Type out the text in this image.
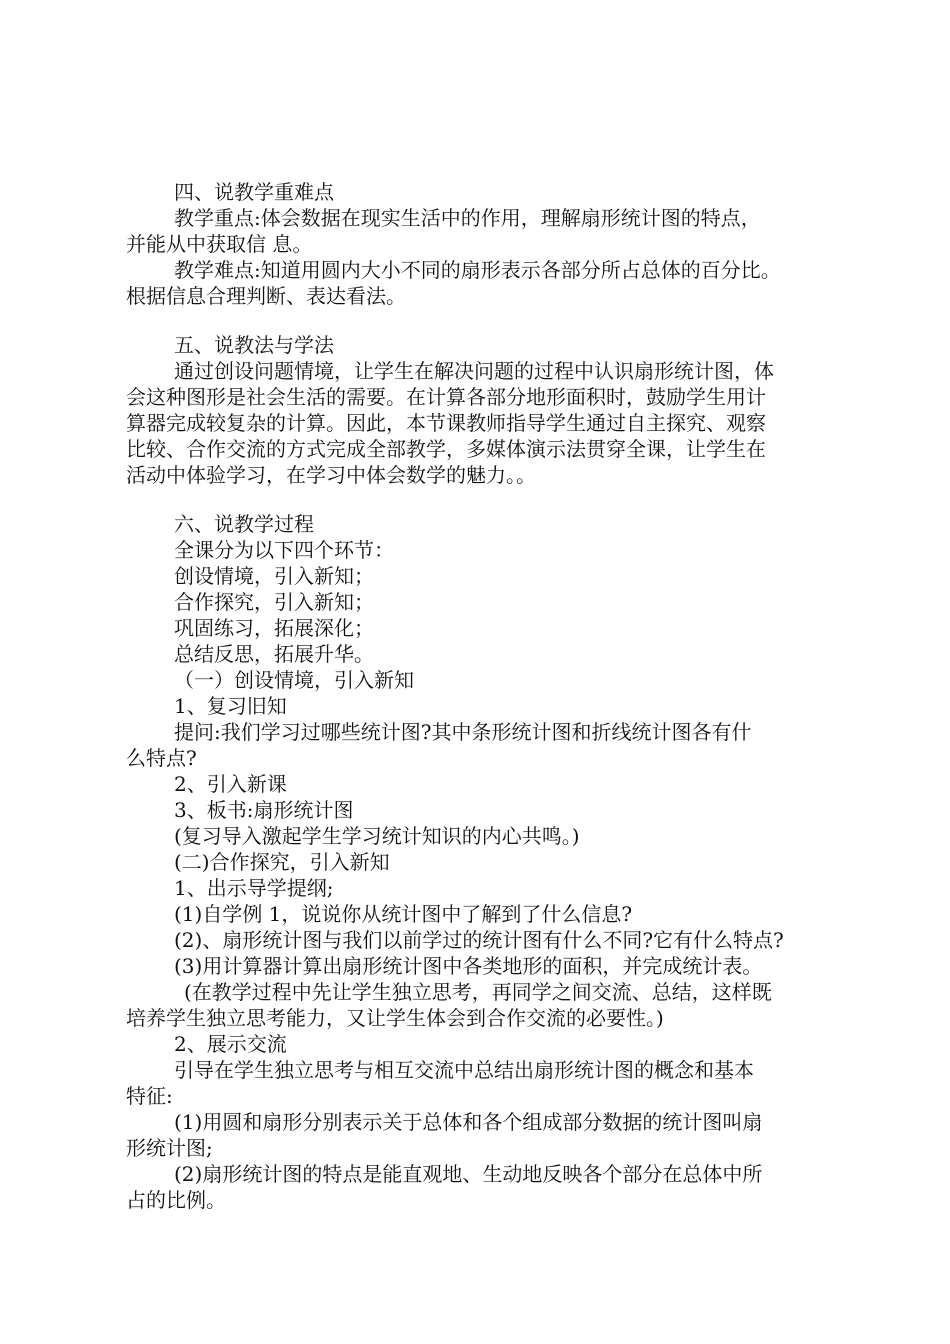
四、说教学重难点
教学重点:体会数据在现实生活中的作用，理解扇形统计图的特点，
并能从中获取信 息。
教学难点:知道用圆内大小不同的扇形表示各部分所占总体的百分比。
根据信息合理判断、表达看法。
五、说教法与学法
通过创设问题情境，让学生在解决问题的过程中认识扇形统计图，体
会这种图形是社会生活的需要。在计算各部分地形面积时，鼓励学生用计
算器完成较复杂的计算。因此，本节课教师指导学生通过自主探究、观察
比较、合作交流的方式完成全部教学，多媒体演示法贯穿全课，让学生在
活动中体验学习，在学习中体会数学的魅力。。
六、说教学过程
全课分为以下四个环节：
创设情境，引入新知；
合作探究，引入新知；
巩固练习，拓展深化；
总结反思，拓展升华。
（一）创设情境，引入新知
1、复习旧知
提问:我们学习过哪些统计图?其中条形统计图和折线统计图各有什
么特点?
2、引入新课
3、板书:扇形统计图
(复习导入激起学生学习统计知识的内心共鸣。)
(二)合作探究，引入新知
1、出示导学提纲;
(1)自学例 1，说说你从统计图中了解到了什么信息?
(2)、扇形统计图与我们以前学过的统计图有什么不同?它有什么特点?
(3)用计算器计算出扇形统计图中各类地形的面积，并完成统计表。
(在教学过程中先让学生独立思考，再同学之间交流、总结，这样既
培养学生独立思考能力，又让学生体会到合作交流的必要性。)
2、展示交流
引导在学生独立思考与相互交流中总结出扇形统计图的概念和基本
特征:
(1)用圆和扇形分别表示关于总体和各个组成部分数据的统计图叫扇
形统计图;
(2)扇形统计图的特点是能直观地、生动地反映各个部分在总体中所
占的比例。
